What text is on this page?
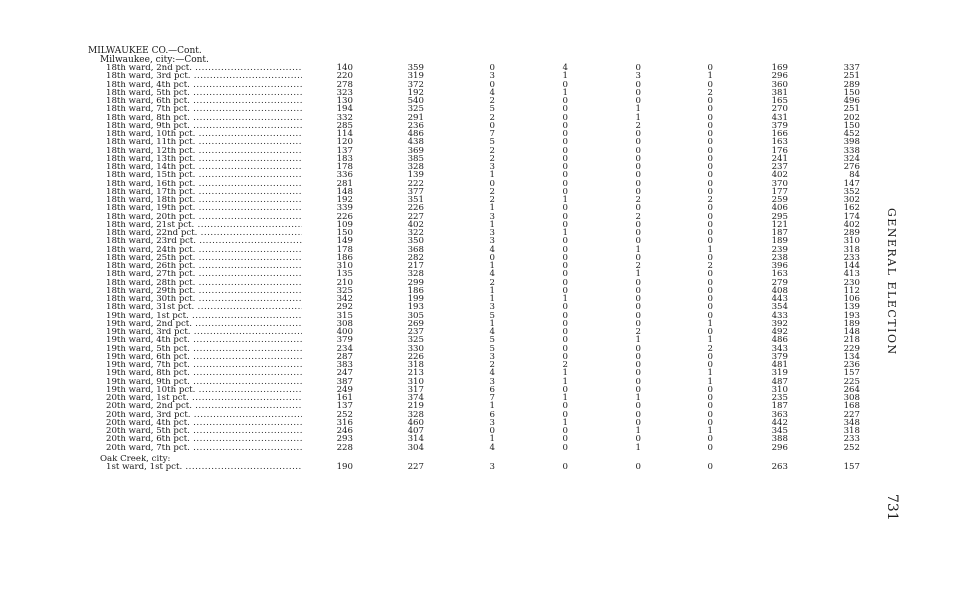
MILWAUKEE CO.—Cont.
Milwaukee, city:—Cont.
18th ward, 2nd pct. .....	140	359	0	4	0	0	169	337
18th ward, 3rd pct. .....	220	319	3	1	3	1	296	251
18th ward, 4th pct. .....	278	372	0	0	0	0	360	289
18th ward, 5th pct. .....	323	192	4	1	0	2	381	150
18th ward, 6th pct. .....	130	540	2	0	0	0	165	496
18th ward, 7th pct. .....	194	325	5	0	1	0	270	251
18th ward, 8th pct. .....	332	291	2	0	1	0	431	202
18th ward, 9th pct. .....	285	236	0	0	2	0	379	150
18th ward, 10th pct. .....	114	486	7	0	0	0	166	452
18th ward, 11th pct. .....	120	438	5	0	0	0	163	398
18th ward, 12th pct. .....	137	369	2	0	0	0	176	338
18th ward, 13th pct. .....	183	385	2	0	0	0	241	324
18th ward, 14th pct. .....	178	328	3	0	0	0	237	276
18th ward, 15th pct. .....	336	139	1	0	0	0	402	84
18th ward, 16th pct. .....	281	222	0	0	0	0	370	147
18th ward, 17th pct. .....	148	377	2	0	0	0	177	352
18th ward, 18th pct. .....	192	351	2	1	2	2	259	302
18th ward, 19th pct. .....	339	226	1	0	0	0	406	162
18th ward, 20th pct. .....	226	227	3	0	2	0	295	174
18th ward, 21st pct. .....	109	402	1	0	0	0	121	402
18th ward, 22nd pct. .....	150	322	3	1	0	0	187	289
18th ward, 23rd pct. .....	149	350	3	0	0	0	189	310
18th ward, 24th pct. .....	178	368	4	0	1	1	239	318
18th ward, 25th pct. .....	186	282	0	0	0	0	238	233
18th ward, 26th pct. .....	310	217	1	0	2	2	396	144
18th ward, 27th pct. .....	135	328	4	0	1	0	163	413
18th ward, 28th pct. .....	210	299	2	0	0	0	279	230
18th ward, 29th pct. .....	325	186	1	0	0	0	408	112
18th ward, 30th pct. .....	342	199	1	1	0	0	443	106
18th ward, 31st pct. .....	292	193	3	0	0	0	354	139
19th ward, 1st pct. .....	315	305	5	0	0	0	433	193
19th ward, 2nd pct. .....	308	269	1	0	0	1	392	189
19th ward, 3rd pct. .....	400	237	4	0	2	0	492	148
19th ward, 4th pct. .....	379	325	5	0	1	1	486	218
19th ward, 5th pct. .....	234	330	5	0	0	2	343	229
19th ward, 6th pct. .....	287	226	3	0	0	0	379	134
19th ward, 7th pct. .....	383	318	2	2	0	0	481	236
19th ward, 8th pct. .....	247	213	4	1	0	1	319	157
19th ward, 9th pct. .....	387	310	3	1	0	1	487	225
19th ward, 10th pct. .....	249	317	6	0	0	0	310	264
20th ward, 1st pct. .....	161	374	7	1	1	0	235	308
20th ward, 2nd pct. .....	137	219	1	0	0	0	187	168
20th ward, 3rd pct. .....	252	328	6	0	0	0	363	227
20th ward, 4th pct. .....	316	460	3	1	0	0	442	348
20th ward, 5th pct. .....	246	407	0	0	1	1	345	318
20th ward, 6th pct. .....	293	314	1	0	0	0	388	233
20th ward, 7th pct. .....	228	304	4	0	1	0	296	252
Oak Creek, city:
1st ward, 1st pct. .....	190	227	3	0	0	0	263	157
GENERAL ELECTION
731
